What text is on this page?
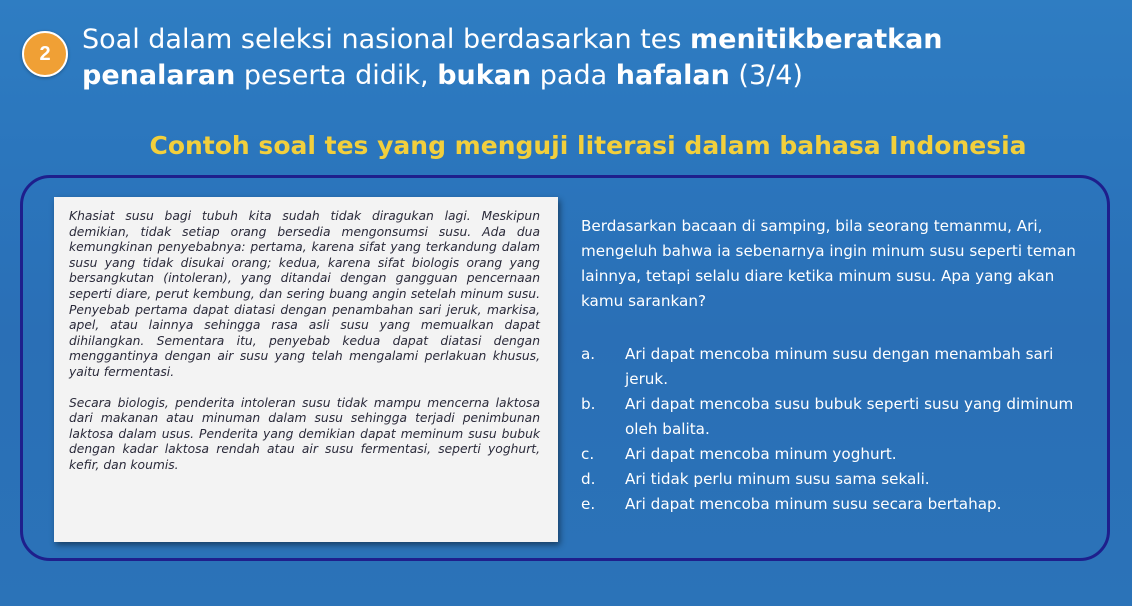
2	Soal dalam seleksi nasional berdasarkan tes menitikberatkan penalaran peserta didik, bukan pada hafalan (3/4)
Contoh soal tes yang menguji literasi dalam bahasa Indonesia

Khasiat susu bagi tubuh kita sudah tidak diragukan lagi. Meskipun demikian, tidak setiap orang bersedia mengonsumsi susu. Ada dua kemungkinan penyebabnya: pertama, karena sifat yang terkandung dalam susu yang tidak disukai orang; kedua, karena sifat biologis orang yang bersangkutan (intoleran), yang ditandai dengan gangguan pencernaan seperti diare, perut kembung, dan sering buang angin setelah minum susu. Penyebab pertama dapat diatasi dengan penambahan sari jeruk, markisa, apel, atau lainnya sehingga rasa asli susu yang memualkan dapat dihilangkan. Sementara itu, penyebab kedua dapat diatasi dengan menggantinya dengan air susu yang telah mengalami perlakuan khusus, yaitu fermentasi.

Secara biologis, penderita intoleran susu tidak mampu mencerna laktosa dari makanan atau minuman dalam susu sehingga terjadi penimbunan laktosa dalam usus. Penderita yang demikian dapat meminum susu bubuk dengan kadar laktosa rendah atau air susu fermentasi, seperti yoghurt, kefir, dan koumis.

Berdasarkan bacaan di samping, bila seorang temanmu, Ari, mengeluh bahwa ia sebenarnya ingin minum susu seperti teman lainnya, tetapi selalu diare ketika minum susu. Apa yang akan kamu sarankan?

a.	Ari dapat mencoba minum susu dengan menambah sari jeruk.
b.	Ari dapat mencoba susu bubuk seperti susu yang diminum oleh balita.
c.	Ari dapat mencoba minum yoghurt.
d.	Ari tidak perlu minum susu sama sekali.
e.	Ari dapat mencoba minum susu secara bertahap.
